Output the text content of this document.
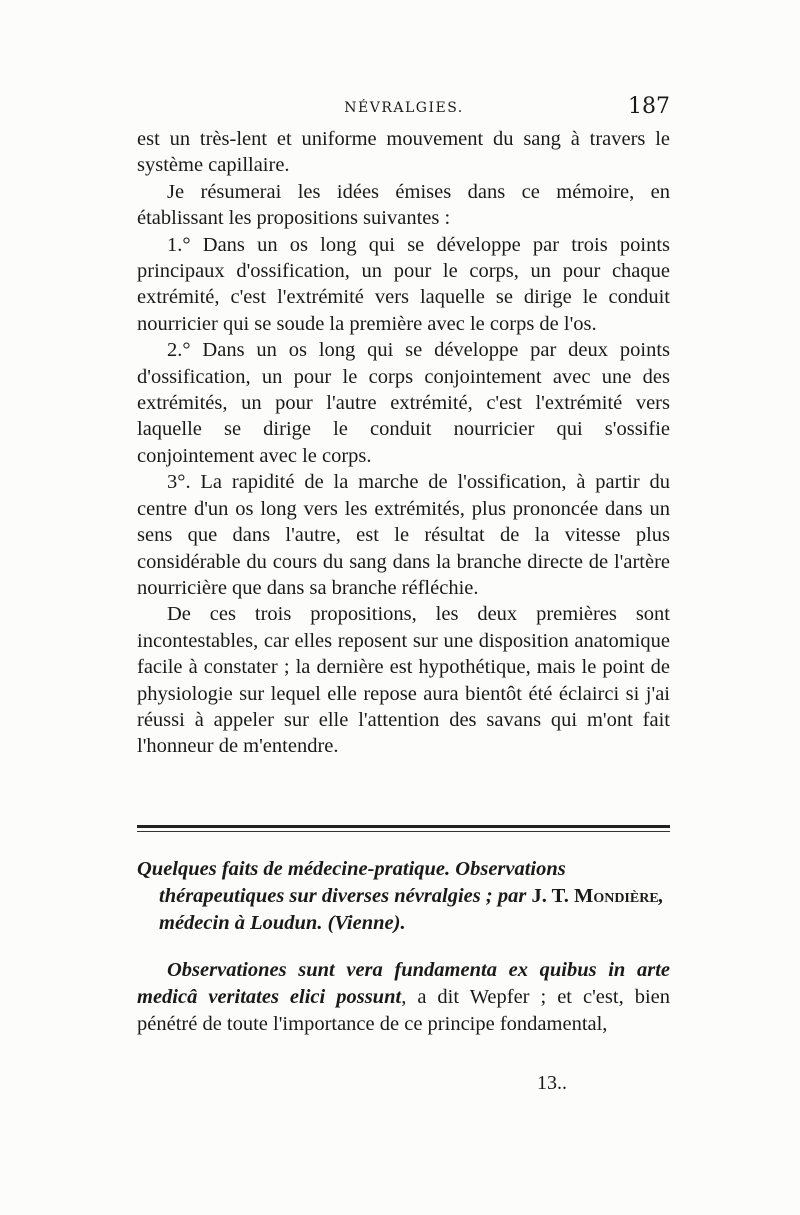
NÉVRALGIES.	187

est un très-lent et uniforme mouvement du sang à travers le système capillaire.

Je résumerai les idées émises dans ce mémoire, en établissant les propositions suivantes :

1.° Dans un os long qui se développe par trois points principaux d'ossification, un pour le corps, un pour chaque extrémité, c'est l'extrémité vers laquelle se dirige le conduit nourricier qui se soude la première avec le corps de l'os.

2.° Dans un os long qui se développe par deux points d'ossification, un pour le corps conjointement avec une des extrémités, un pour l'autre extrémité, c'est l'extrémité vers laquelle se dirige le conduit nourricier qui s'ossifie conjointement avec le corps.

3°. La rapidité de la marche de l'ossification, à partir du centre d'un os long vers les extrémités, plus prononcée dans un sens que dans l'autre, est le résultat de la vitesse plus considérable du cours du sang dans la branche directe de l'artère nourricière que dans sa branche réfléchie.

De ces trois propositions, les deux premières sont incontestables, car elles reposent sur une disposition anatomique facile à constater ; la dernière est hypothétique, mais le point de physiologie sur lequel elle repose aura bientôt été éclairci si j'ai réussi à appeler sur elle l'attention des savans qui m'ont fait l'honneur de m'entendre.

Quelques faits de médecine-pratique. Observations thérapeutiques sur diverses névralgies ; par J. T. Mondière, médecin à Loudun. (Vienne).

Observationes sunt vera fundamenta ex quibus in arte medicâ veritates elici possunt, a dit Wepfer ; et c'est, bien pénétré de toute l'importance de ce principe fondamental,

13..
